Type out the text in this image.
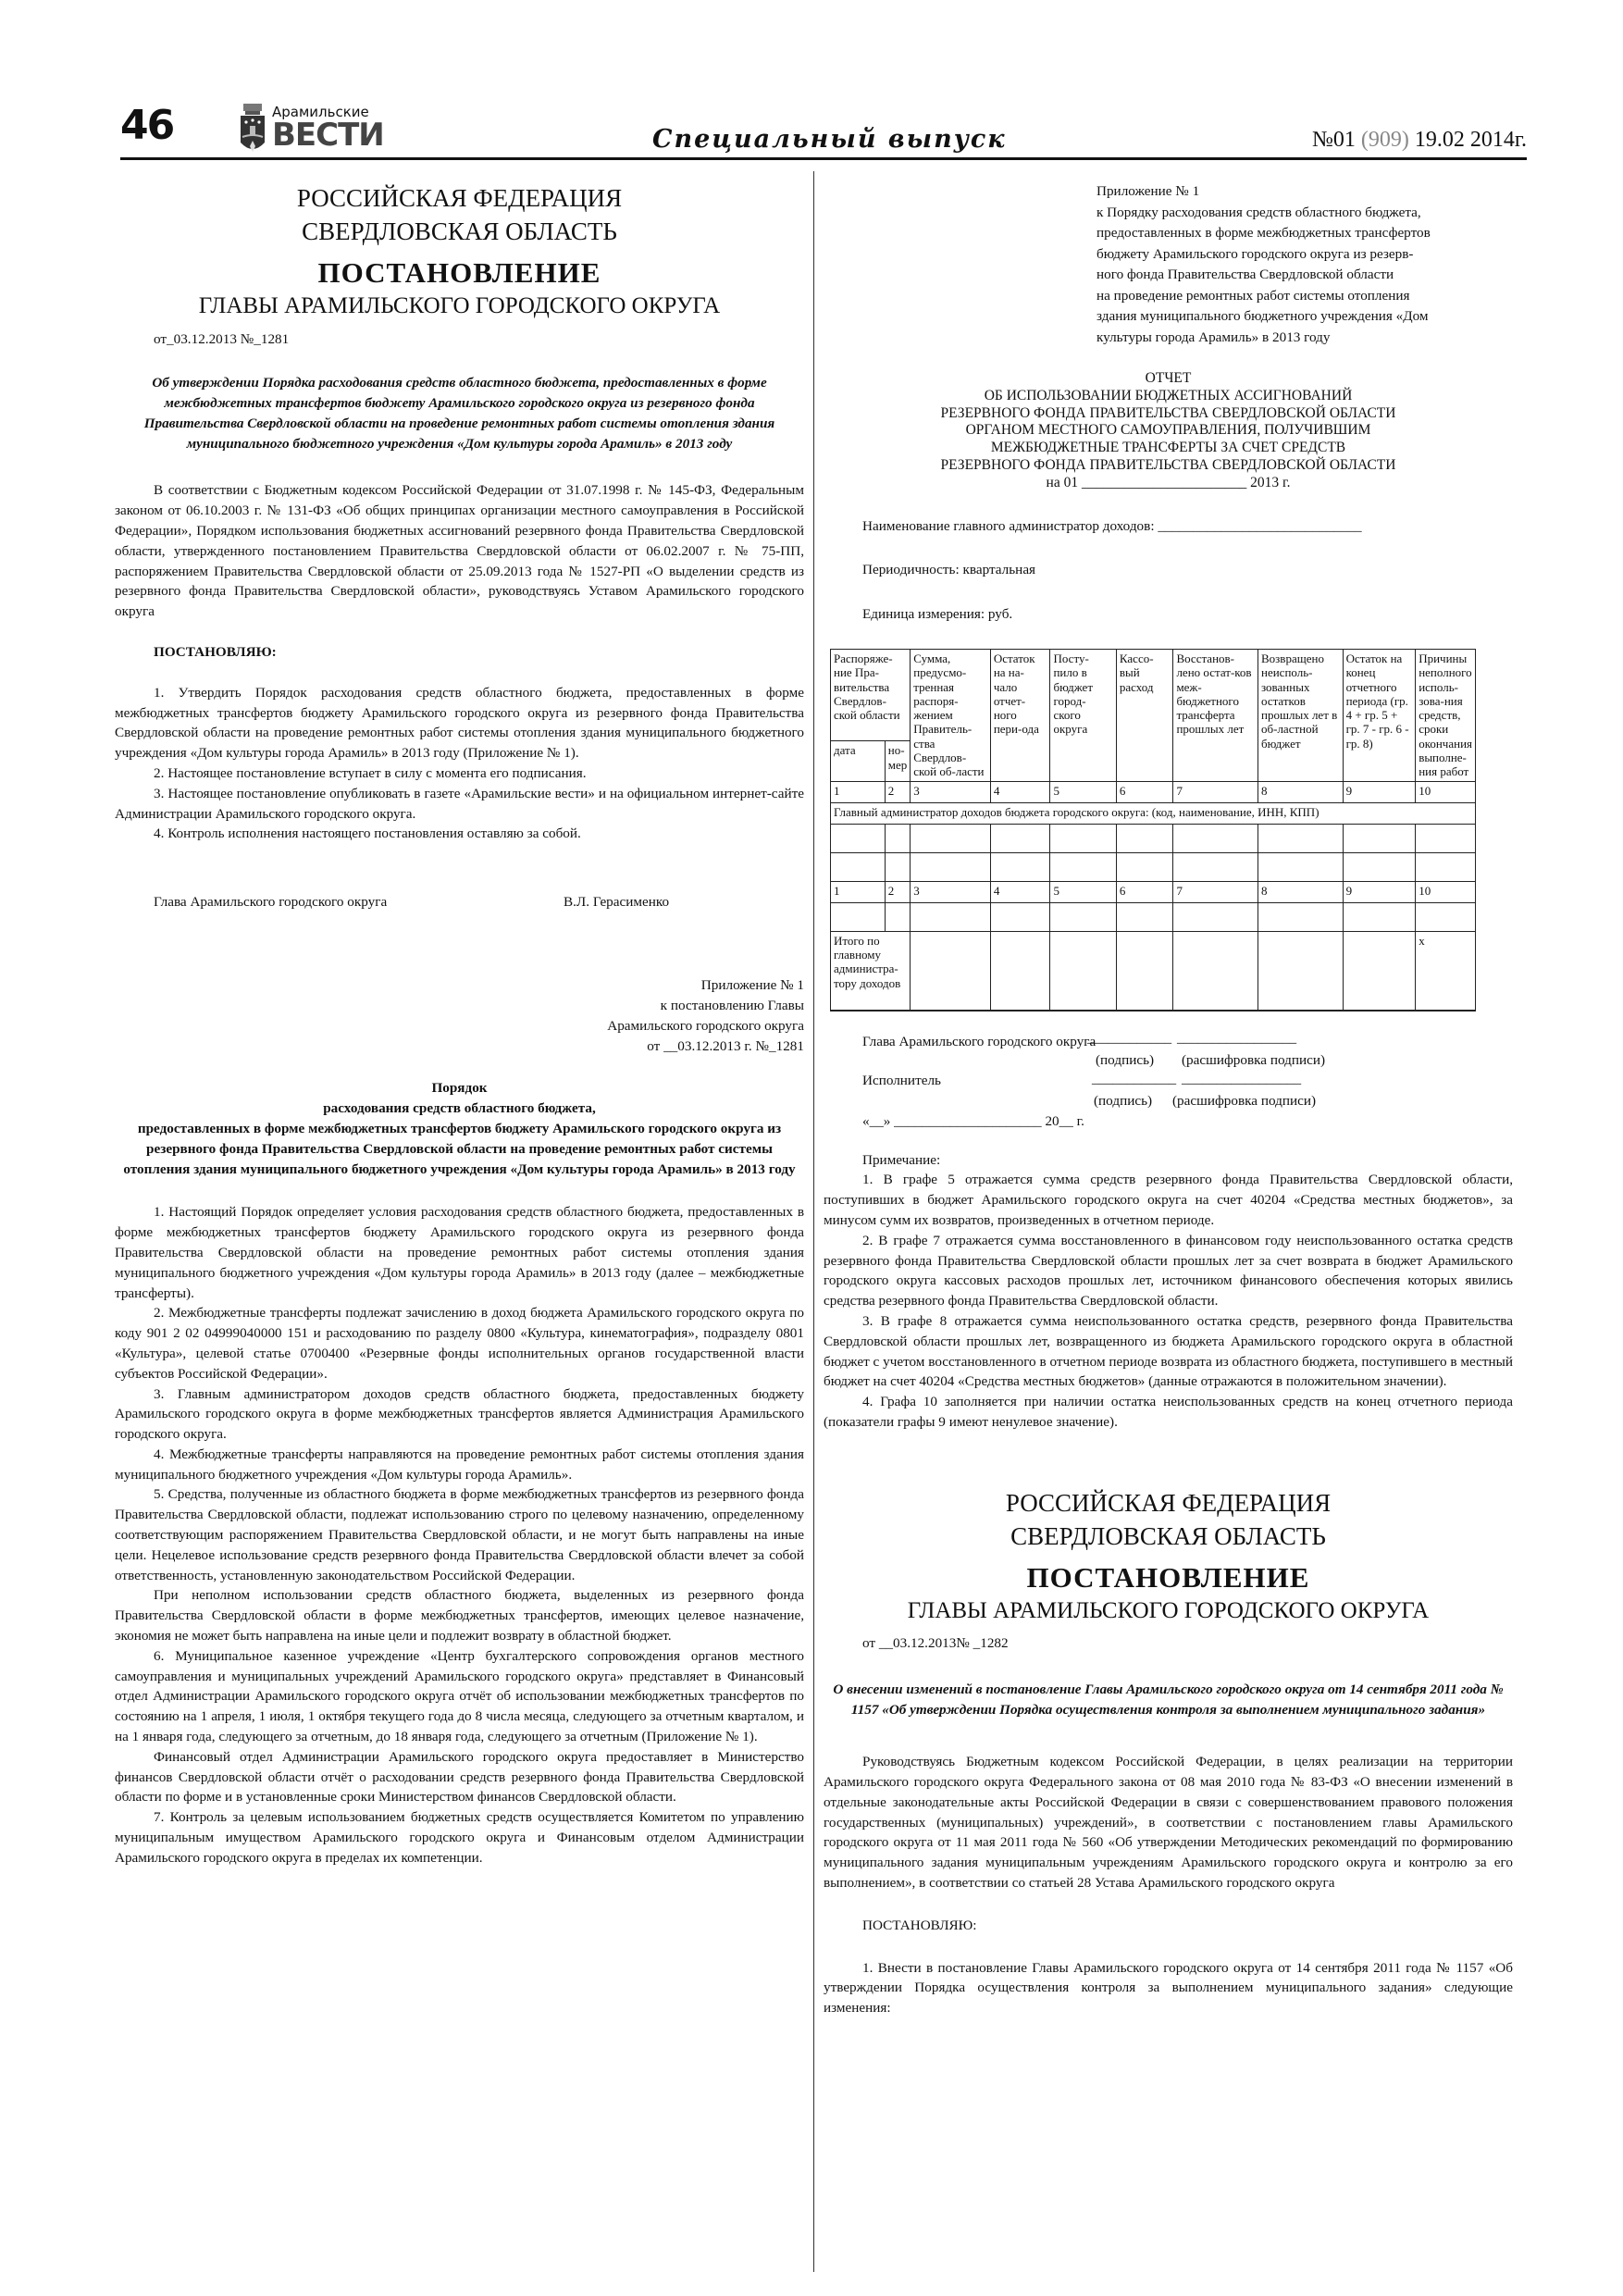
46	Арамильские
ВЕСТИ	Специальный выпуск	№01 (909) 19.02 2014г.
РОССИЙСКАЯ ФЕДЕРАЦИЯ
СВЕРДЛОВСКАЯ ОБЛАСТЬ
ПОСТАНОВЛЕНИЕ
ГЛАВЫ АРАМИЛЬСКОГО ГОРОДСКОГО ОКРУГА
от_03.12.2013 №_1281
Об утверждении Порядка расходования средств областного бюджета, предоставленных в форме межбюджетных трансфертов бюджету Арамильского городского округа из резервного фонда Правительства Свердловской области на проведение ремонтных работ системы отопления здания муниципального бюджетного учреждения «Дом культуры города Арамиль» в 2013 году

В соответствии с Бюджетным кодексом Российской Федерации от 31.07.1998 г. № 145-ФЗ, Федеральным законом от 06.10.2003 г. № 131-ФЗ «Об общих принципах организации местного самоуправления в Российской Федерации», Порядком использования бюджетных ассигнований резервного фонда Правительства Свердловской области, утвержденного постановлением Правительства Свердловской области от 06.02.2007 г. № 75-ПП, распоряжением Правительства Свердловской области от 25.09.2013 года № 1527-РП «О выделении средств из резервного фонда Правительства Свердловской области», руководствуясь Уставом Арамильского городского округа

ПОСТАНОВЛЯЮ:

1. Утвердить Порядок расходования средств областного бюджета, предоставленных в форме межбюджетных трансфертов бюджету Арамильского городского округа из резервного фонда Правительства Свердловской области на проведение ремонтных работ системы отопления здания муниципального бюджетного учреждения «Дом культуры города Арамиль» в 2013 году (Приложение № 1).

2. Настоящее постановление вступает в силу с момента его подписания.

3. Настоящее постановление опубликовать в газете «Арамильские вести» и на официальном интернет-сайте Администрации Арамильского городского округа.

4. Контроль исполнения настоящего постановления оставляю за собой.

Глава Арамильского городского округа	В.Л. Герасименко
Приложение № 1
к постановлению Главы
Арамильского городского округа
от __03.12.2013 г. №_1281
Порядок
расходования средств областного бюджета,
предоставленных в форме межбюджетных трансфертов бюджету Арамильского городского округа из резервного фонда Правительства Свердловской области на проведение ремонтных работ системы отопления здания муниципального бюджетного учреждения «Дом культуры города Арамиль» в 2013 году

1. Настоящий Порядок определяет условия расходования средств областного бюджета, предоставленных в форме межбюджетных трансфертов бюджету Арамильского городского округа из резервного фонда Правительства Свердловской области на проведение ремонтных работ системы отопления здания муниципального бюджетного учреждения «Дом культуры города Арамиль» в 2013 году (далее – межбюджетные трансферты).

2. Межбюджетные трансферты подлежат зачислению в доход бюджета Арамильского городского округа по коду 901 2 02 04999040000 151 и расходованию по разделу 0800 «Культура, кинематография», подразделу 0801 «Культура», целевой статье 0700400 «Резервные фонды исполнительных органов государственной власти субъектов Российской Федерации».

3. Главным администратором доходов средств областного бюджета, предоставленных бюджету Арамильского городского округа в форме межбюджетных трансфертов является Администрация Арамильского городского округа.

4. Межбюджетные трансферты направляются на проведение ремонтных работ системы отопления здания муниципального бюджетного учреждения «Дом культуры города Арамиль».

5. Средства, полученные из областного бюджета в форме межбюджетных трансфертов из резервного фонда Правительства Свердловской области, подлежат использованию строго по целевому назначению, определенному соответствующим распоряжением Правительства Свердловской области, и не могут быть направлены на иные цели. Нецелевое использование средств резервного фонда Правительства Свердловской области влечет за собой ответственность, установленную законодательством Российской Федерации.

При неполном использовании средств областного бюджета, выделенных из резервного фонда Правительства Свердловской области в форме межбюджетных трансфертов, имеющих целевое назначение, экономия не может быть направлена на иные цели и подлежит возврату в областной бюджет.

6. Муниципальное казенное учреждение «Центр бухгалтерского сопровождения органов местного самоуправления и муниципальных учреждений Арамильского городского округа» представляет в Финансовый отдел Администрации Арамильского городского округа отчёт об использовании межбюджетных трансфертов по состоянию на 1 апреля, 1 июля, 1 октября текущего года до 8 числа месяца, следующего за отчетным кварталом, и на 1 января года, следующего за отчетным, до 18 января года, следующего за отчетным (Приложение № 1).

Финансовый отдел Администрации Арамильского городского округа предоставляет в Министерство финансов Свердловской области отчёт о расходовании средств резервного фонда Правительства Свердловской области по форме и в установленные сроки Министерством финансов Свердловской области.

7. Контроль за целевым использованием бюджетных средств осуществляется Комитетом по управлению муниципальным имуществом Арамильского городского округа и Финансовым отделом Администрации Арамильского городского округа в пределах их компетенции.

Приложение № 1
к Порядку расходования средств областного бюджета,
предоставленных в форме межбюджетных трансфертов
бюджету Арамильского городского округа из резерв-
ного фонда Правительства Свердловской области
на проведение ремонтных работ системы отопления
здания муниципального бюджетного учреждения «Дом
культуры города Арамиль» в 2013 году
ОТЧЕТ
ОБ ИСПОЛЬЗОВАНИИ БЮДЖЕТНЫХ АССИГНОВАНИЙ
РЕЗЕРВНОГО ФОНДА ПРАВИТЕЛЬСТВА СВЕРДЛОВСКОЙ ОБЛАСТИ
ОРГАНОМ МЕСТНОГО САМОУПРАВЛЕНИЯ, ПОЛУЧИВШИМ
МЕЖБЮДЖЕТНЫЕ ТРАНСФЕРТЫ ЗА СЧЕТ СРЕДСТВ
РЕЗЕРВНОГО ФОНДА ПРАВИТЕЛЬСТВА СВЕРДЛОВСКОЙ ОБЛАСТИ
на 01 _______________________ 2013 г.
Наименование главного администратор доходов: _____________________________
Периодичность: квартальная
Единица измерения: руб.
Распоряже-ние Пра-вительства Свердлов-ской области		Сумма, предусмо-тренная распоря-жением Правитель-ства Свердлов-ской об-ласти	Остаток на на-чало отчет-ного пери-ода	Посту-пило в бюджет город-ского округа	Кассо-вый расход	Восстанов-лено остат-ков меж-бюджетного трансферта прошлых лет	Возвращено неисполь-зованных остатков прошлых лет в об-ластной бюджет	Остаток на конец отчетного периода (гр. 4 + гр. 5 + гр. 7 - гр. 6 - гр. 8)	Причины неполного исполь-зова-ния средств, сроки окончания выполне-ния работ
дата	но-мер								
1	2	3	4	5	6	7	8	9	10
Главный администратор доходов бюджета городского округа: (код, наименование, ИНН, КПП)									

1	2	3	4	5	6	7	8	9	10

Итого по главному администра-тору доходов									x
Глава Арамильского городского округа
____________ _________________
(подпись) (расшифровка подписи)
Исполнитель	____________ _________________
(подпись) (расшифровка подписи)
«__» _____________________ 20__ г.
Примечание:

1. В графе 5 отражается сумма средств резервного фонда Правительства Свердловской области, поступивших в бюджет Арамильского городского округа на счет 40204 «Средства местных бюджетов», за минусом сумм их возвратов, произведенных в отчетном периоде.

2. В графе 7 отражается сумма восстановленного в финансовом году неиспользованного остатка средств резервного фонда Правительства Свердловской области прошлых лет за счет возврата в бюджет Арамильского городского округа кассовых расходов прошлых лет, источником финансового обеспечения которых явились средства резервного фонда Правительства Свердловской области.

3. В графе 8 отражается сумма неиспользованного остатка средств, резервного фонда Правительства Свердловской области прошлых лет, возвращенного из бюджета Арамильского городского округа в областной бюджет с учетом восстановленного в отчетном периоде возврата из областного бюджета, поступившего в местный бюджет на счет 40204 «Средства местных бюджетов» (данные отражаются в положительном значении).

4. Графа 10 заполняется при наличии остатка неиспользованных средств на конец отчетного периода (показатели графы 9 имеют ненулевое значение).

РОССИЙСКАЯ ФЕДЕРАЦИЯ
СВЕРДЛОВСКАЯ ОБЛАСТЬ
ПОСТАНОВЛЕНИЕ
ГЛАВЫ АРАМИЛЬСКОГО ГОРОДСКОГО ОКРУГА
от __03.12.2013№ _1282
О внесении изменений в постановление Главы Арамильского городского округа от 14 сентября 2011 года № 1157 «Об утверждении Порядка осуществления контроля за выполнением муниципального задания»

Руководствуясь Бюджетным кодексом Российской Федерации, в целях реализации на территории Арамильского городского округа Федерального закона от 08 мая 2010 года № 83-ФЗ «О внесении изменений в отдельные законодательные акты Российской Федерации в связи с совершенствованием правового положения государственных (муниципальных) учреждений», в соответствии с постановлением главы Арамильского городского округа от 11 мая 2011 года № 560 «Об утверждении Методических рекомендаций по формированию муниципального задания муниципальным учреждениям Арамильского городского округа и контролю за его выполнением», в соответствии со статьей 28 Устава Арамильского городского округа

ПОСТАНОВЛЯЮ:

1. Внести в постановление Главы Арамильского городского округа от 14 сентября 2011 года № 1157 «Об утверждении Порядка осуществления контроля за выполнением муниципального задания» следующие изменения:
